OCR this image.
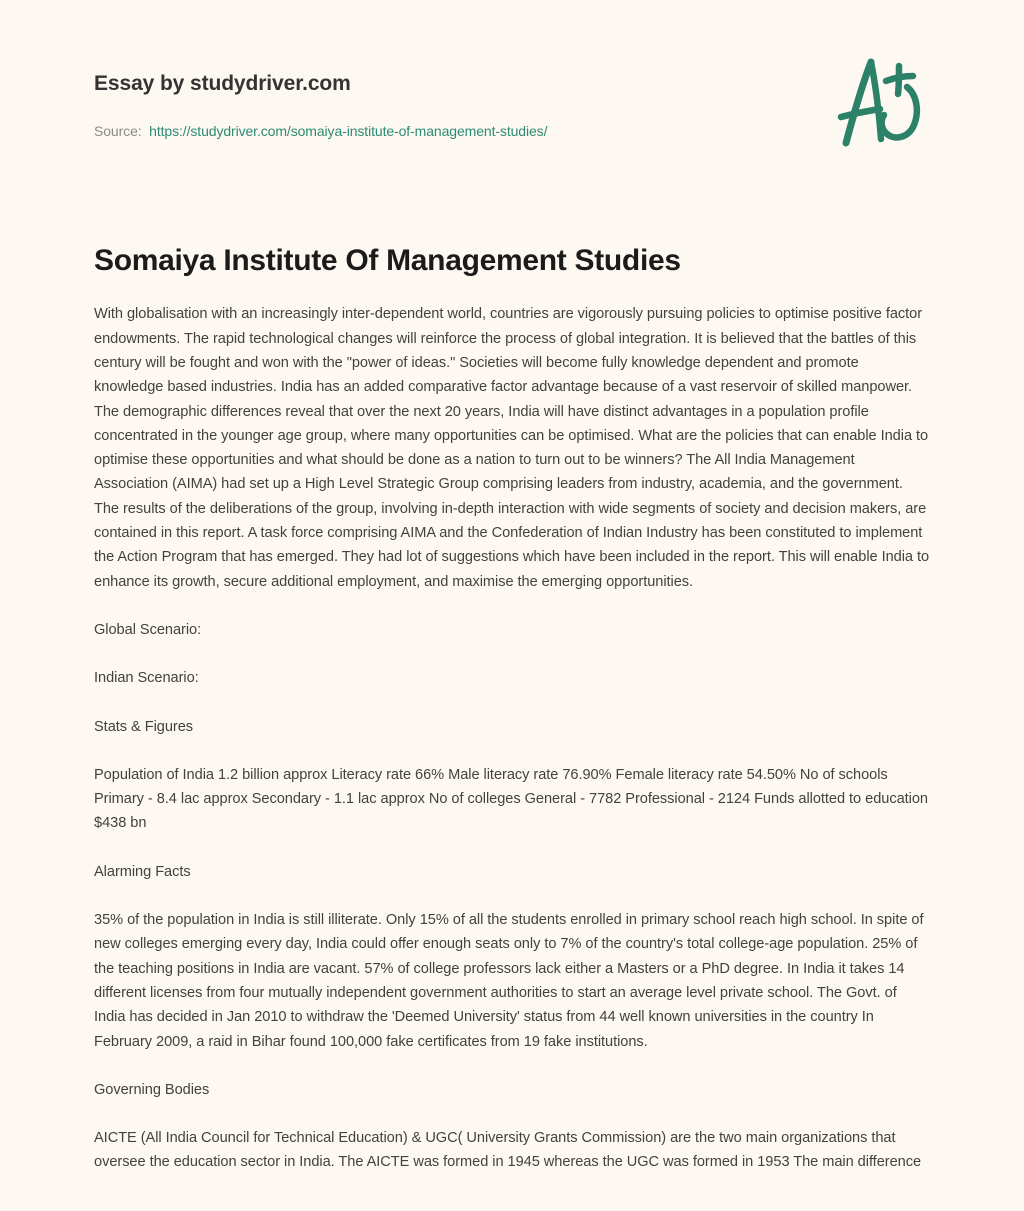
Essay by studydriver.com
Source: https://studydriver.com/somaiya-institute-of-management-studies/
Somaiya Institute Of Management Studies

With globalisation with an increasingly inter-dependent world, countries are vigorously pursuing policies to optimise positive factor endowments. The rapid technological changes will reinforce the process of global integration. It is believed that the battles of this century will be fought and won with the "power of ideas." Societies will become fully knowledge dependent and promote knowledge based industries. India has an added comparative factor advantage because of a vast reservoir of skilled manpower. The demographic differences reveal that over the next 20 years, India will have distinct advantages in a population profile concentrated in the younger age group, where many opportunities can be optimised. What are the policies that can enable India to optimise these opportunities and what should be done as a nation to turn out to be winners? The All India Management Association (AIMA) had set up a High Level Strategic Group comprising leaders from industry, academia, and the government. The results of the deliberations of the group, involving in-depth interaction with wide segments of society and decision makers, are contained in this report. A task force comprising AIMA and the Confederation of Indian Industry has been constituted to implement the Action Program that has emerged. They had lot of suggestions which have been included in the report. This will enable India to enhance its growth, secure additional employment, and maximise the emerging opportunities.

Global Scenario:

Indian Scenario:

Stats & Figures

Population of India 1.2 billion approx Literacy rate 66% Male literacy rate 76.90% Female literacy rate 54.50% No of schools Primary - 8.4 lac approx Secondary - 1.1 lac approx No of colleges General - 7782 Professional - 2124 Funds allotted to education $438 bn

Alarming Facts

35% of the population in India is still illiterate. Only 15% of all the students enrolled in primary school reach high school. In spite of new colleges emerging every day, India could offer enough seats only to 7% of the country's total college-age population. 25% of the teaching positions in India are vacant. 57% of college professors lack either a Masters or a PhD degree. In India it takes 14 different licenses from four mutually independent government authorities to start an average level private school. The Govt. of India has decided in Jan 2010 to withdraw the 'Deemed University' status from 44 well known universities in the country In February 2009, a raid in Bihar found 100,000 fake certificates from 19 fake institutions.

Governing Bodies

AICTE (All India Council for Technical Education) & UGC( University Grants Commission) are the two main organizations that oversee the education sector in India. The AICTE was formed in 1945 whereas the UGC was formed in 1953 The main difference
